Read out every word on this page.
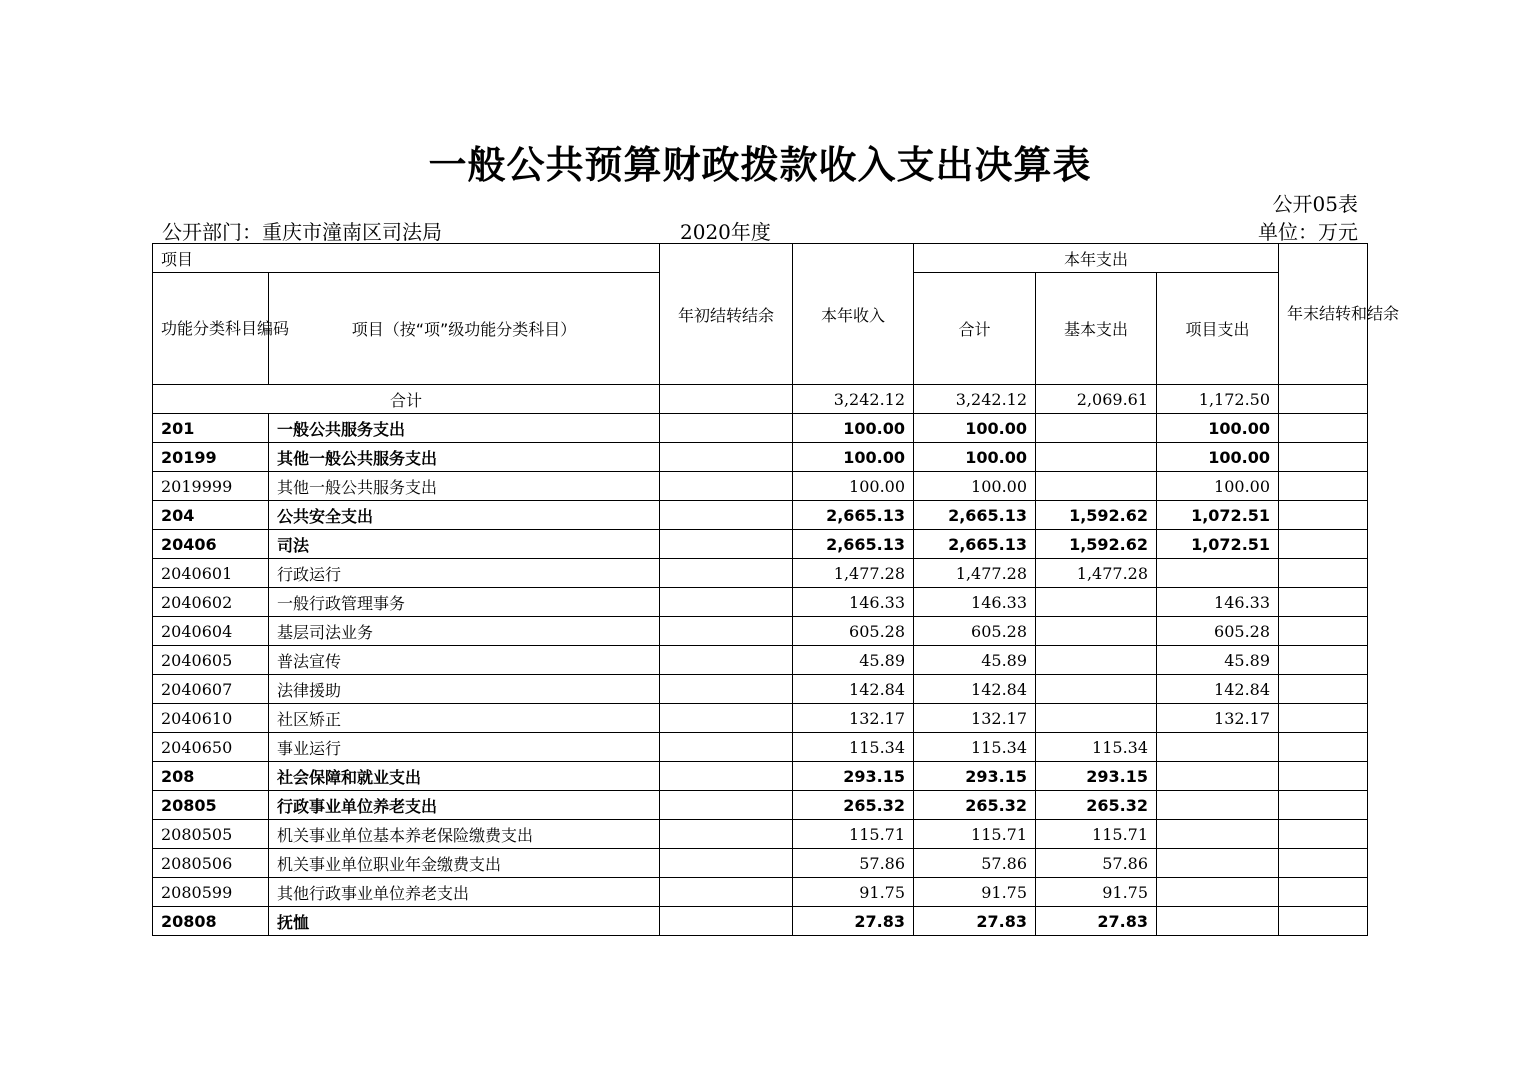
一般公共预算财政拨款收入支出决算表
公开05表
公开部门：重庆市潼南区司法局	2020年度	单位：万元
项目		年初结转结余	本年收入	本年支出			年末结转和结余
功能分类科目编码	项目（按“项”级功能分类科目）			合计	基本支出	项目支出	
合计			3,242.12	3,242.12	2,069.61	1,172.50	
201	一般公共服务支出		100.00	100.00		100.00	
20199	其他一般公共服务支出		100.00	100.00		100.00	
2019999	其他一般公共服务支出		100.00	100.00		100.00	
204	公共安全支出		2,665.13	2,665.13	1,592.62	1,072.51	
20406	司法		2,665.13	2,665.13	1,592.62	1,072.51	
2040601	行政运行		1,477.28	1,477.28	1,477.28		
2040602	一般行政管理事务		146.33	146.33		146.33	
2040604	基层司法业务		605.28	605.28		605.28	
2040605	普法宣传		45.89	45.89		45.89	
2040607	法律援助		142.84	142.84		142.84	
2040610	社区矫正		132.17	132.17		132.17	
2040650	事业运行		115.34	115.34	115.34		
208	社会保障和就业支出		293.15	293.15	293.15		
20805	行政事业单位养老支出		265.32	265.32	265.32		
2080505	机关事业单位基本养老保险缴费支出		115.71	115.71	115.71		
2080506	机关事业单位职业年金缴费支出		57.86	57.86	57.86		
2080599	其他行政事业单位养老支出		91.75	91.75	91.75		
20808	抚恤		27.83	27.83	27.83		
